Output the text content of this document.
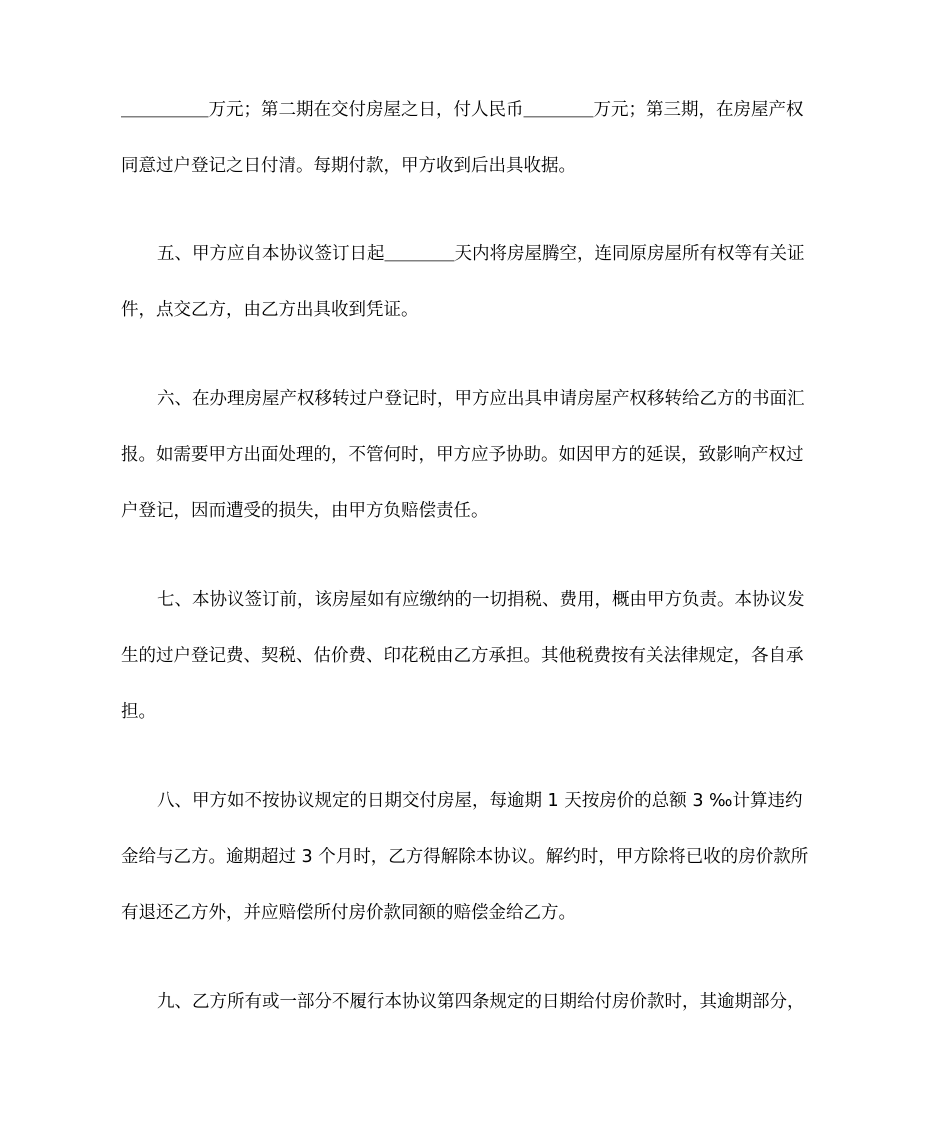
＿＿＿＿＿万元；第二期在交付房屋之日，付人民币＿＿＿＿万元；第三期，在房屋产权
同意过户登记之日付清。每期付款，甲方收到后出具收据。
五、甲方应自本协议签订日起＿＿＿＿天内将房屋腾空，连同原房屋所有权等有关证
件，点交乙方，由乙方出具收到凭证。
六、在办理房屋产权移转过户登记时，甲方应出具申请房屋产权移转给乙方的书面汇
报。如需要甲方出面处理的，不管何时，甲方应予协助。如因甲方的延误，致影响产权过
户登记，因而遭受的损失，由甲方负赔偿责任。
七、本协议签订前，该房屋如有应缴纳的一切捐税、费用，概由甲方负责。本协议发
生的过户登记费、契税、估价费、印花税由乙方承担。其他税费按有关法律规定，各自承
担。
八、甲方如不按协议规定的日期交付房屋，每逾期 1 天按房价的总额 3 ‰计算违约
金给与乙方。逾期超过 3 个月时，乙方得解除本协议。解约时，甲方除将已收的房价款所
有退还乙方外，并应赔偿所付房价款同额的赔偿金给乙方。
九、乙方所有或一部分不履行本协议第四条规定的日期给付房价款时，其逾期部分，
